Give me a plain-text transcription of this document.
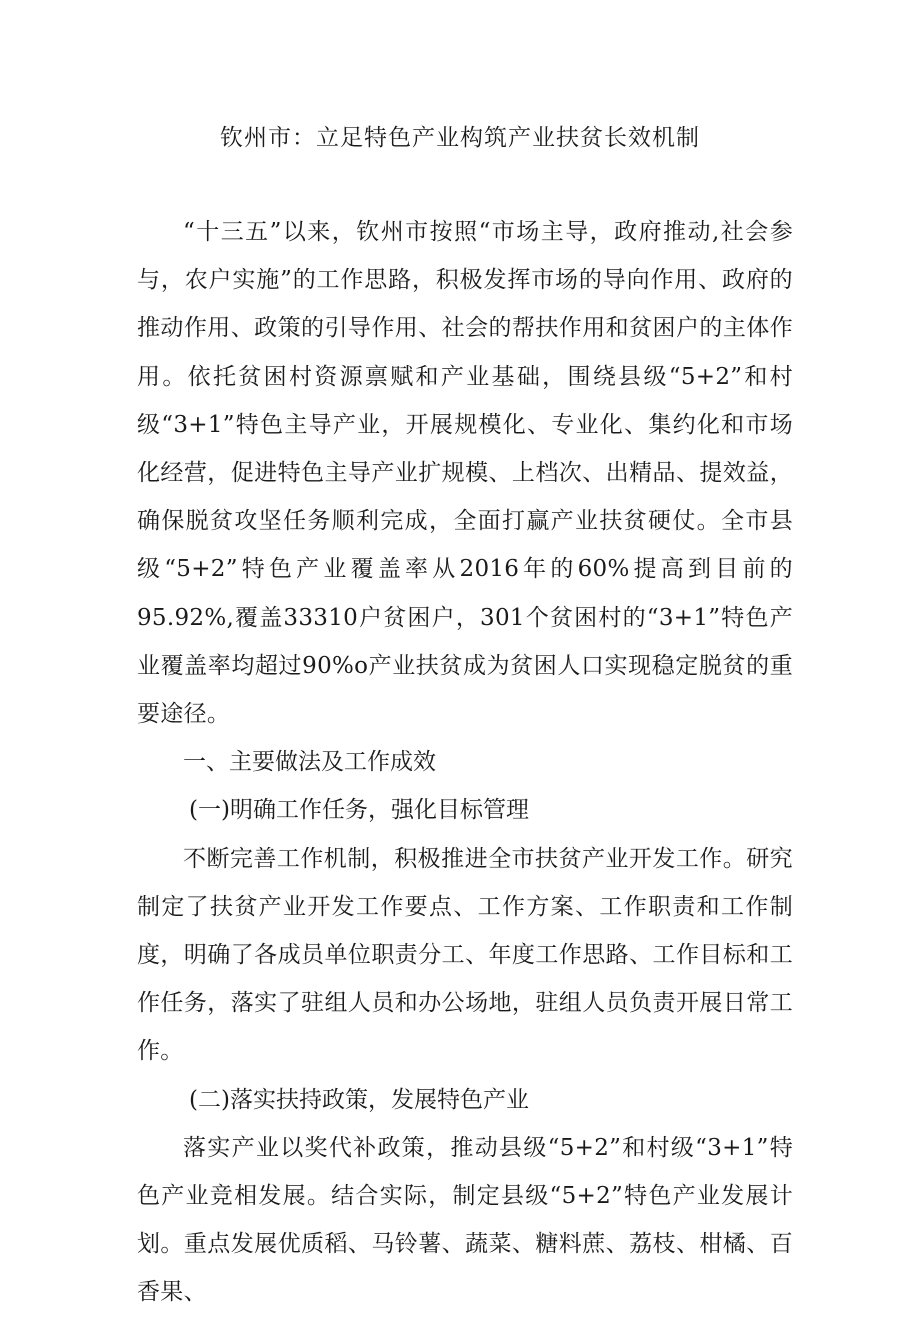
钦州市：立足特色产业构筑产业扶贫长效机制

“十三五”以来，钦州市按照“市场主导，政府推动,社会参与，农户实施”的工作思路，积极发挥市场的导向作用、政府的推动作用、政策的引导作用、社会的帮扶作用和贫困户的主体作用。依托贫困村资源禀赋和产业基础，围绕县级“5+2”和村级“3+1”特色主导产业，开展规模化、专业化、集约化和市场化经营，促进特色主导产业扩规模、上档次、出精品、提效益，确保脱贫攻坚任务顺利完成，全面打赢产业扶贫硬仗。全市县级“5+2”特色产业覆盖率从2016年的60%提高到目前的95.92%,覆盖33310户贫困户，301个贫困村的“3+1”特色产业覆盖率均超过90%o产业扶贫成为贫困人口实现稳定脱贫的重要途径。

一、主要做法及工作成效

(一)明确工作任务，强化目标管理

不断完善工作机制，积极推进全市扶贫产业开发工作。研究制定了扶贫产业开发工作要点、工作方案、工作职责和工作制度，明确了各成员单位职责分工、年度工作思路、工作目标和工作任务，落实了驻组人员和办公场地，驻组人员负责开展日常工作。

(二)落实扶持政策，发展特色产业

落实产业以奖代补政策，推动县级“5+2”和村级“3+1”特色产业竞相发展。结合实际，制定县级“5+2”特色产业发展计划。重点发展优质稻、马铃薯、蔬菜、糖料蔗、荔枝、柑橘、百香果、
